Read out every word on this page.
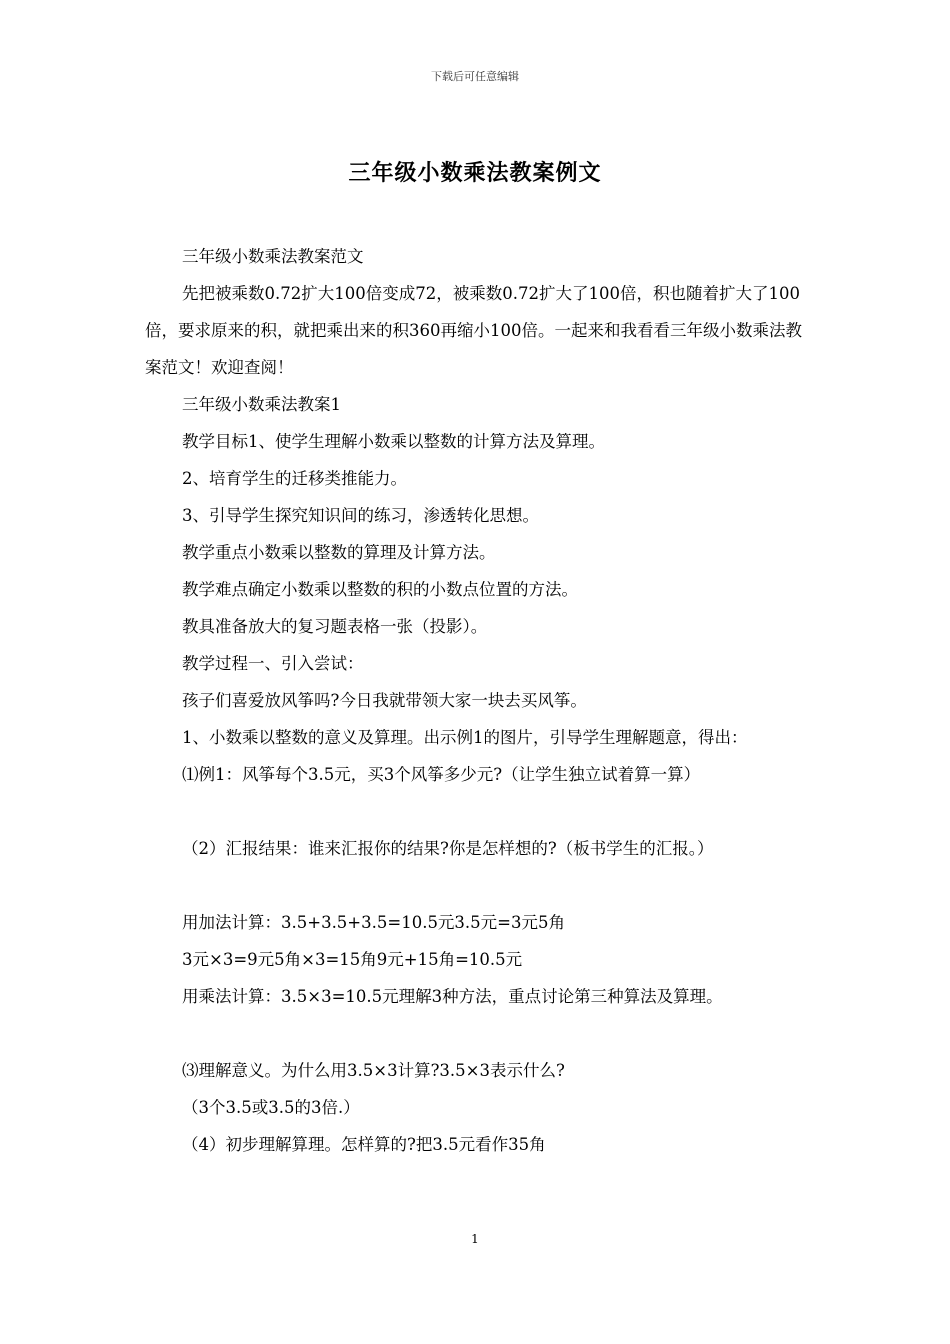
下载后可任意编辑
三年级小数乘法教案例文

三年级小数乘法教案范文

先把被乘数0.72扩大100倍变成72，被乘数0.72扩大了100倍，积也随着扩大了100倍，要求原来的积，就把乘出来的积360再缩小100倍。一起来和我看看三年级小数乘法教案范文！欢迎查阅！

三年级小数乘法教案1

教学目标1、使学生理解小数乘以整数的计算方法及算理。

2、培育学生的迁移类推能力。

3、引导学生探究知识间的练习，渗透转化思想。

教学重点小数乘以整数的算理及计算方法。

教学难点确定小数乘以整数的积的小数点位置的方法。

教具准备放大的复习题表格一张（投影）。

教学过程一、引入尝试：

孩子们喜爱放风筝吗?今日我就带领大家一块去买风筝。

1、小数乘以整数的意义及算理。出示例1的图片，引导学生理解题意，得出：

⑴例1：风筝每个3.5元，买3个风筝多少元?（让学生独立试着算一算）

（2）汇报结果：谁来汇报你的结果?你是怎样想的?（板书学生的汇报。）

用加法计算：3.5+3.5+3.5=10.5元3.5元=3元5角

3元×3=9元5角×3=15角9元+15角=10.5元

用乘法计算：3.5×3=10.5元理解3种方法，重点讨论第三种算法及算理。

⑶理解意义。为什么用3.5×3计算?3.5×3表示什么?

（3个3.5或3.5的3倍.）

（4）初步理解算理。怎样算的?把3.5元看作35角

1
